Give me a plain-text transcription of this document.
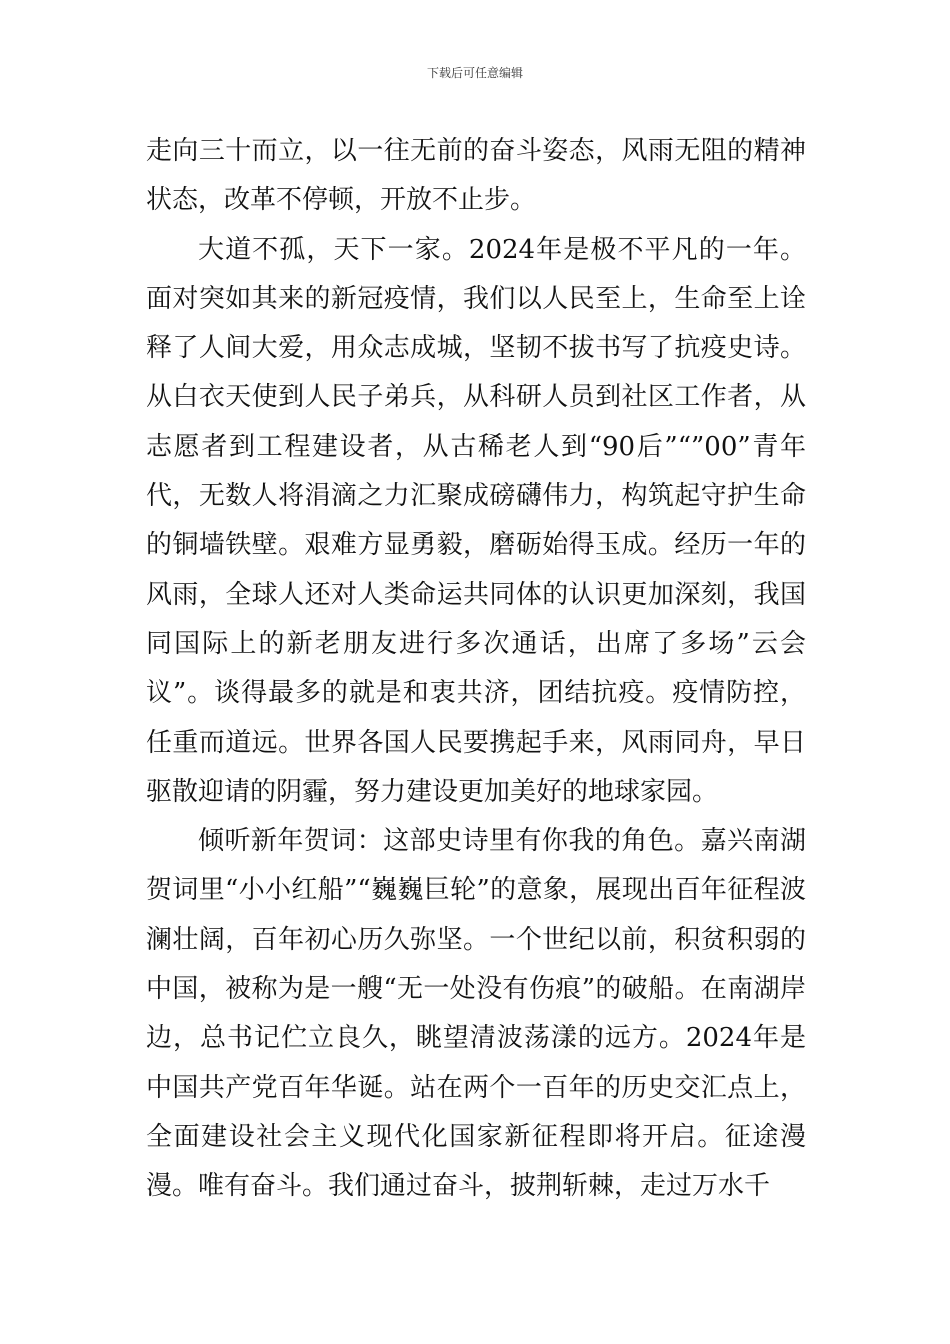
下载后可任意编辑

走向三十而立，以一往无前的奋斗姿态，风雨无阻的精神状态，改革不停顿，开放不止步。

大道不孤，天下一家。2024年是极不平凡的一年。面对突如其来的新冠疫情，我们以人民至上，生命至上诠释了人间大爱，用众志成城，坚韧不拔书写了抗疫史诗。从白衣天使到人民子弟兵，从科研人员到社区工作者，从志愿者到工程建设者，从古稀老人到“90后”“”00”青年代，无数人将涓滴之力汇聚成磅礴伟力，构筑起守护生命的铜墙铁壁。艰难方显勇毅，磨砺始得玉成。经历一年的风雨，全球人还对人类命运共同体的认识更加深刻，我国同国际上的新老朋友进行多次通话，出席了多场”云会议”。谈得最多的就是和衷共济，团结抗疫。疫情防控，任重而道远。世界各国人民要携起手来，风雨同舟，早日驱散迎请的阴霾，努力建设更加美好的地球家园。

倾听新年贺词：这部史诗里有你我的角色。嘉兴南湖贺词里“小小红船”“巍巍巨轮”的意象，展现出百年征程波澜壮阔，百年初心历久弥坚。一个世纪以前，积贫积弱的中国，被称为是一艘“无一处没有伤痕”的破船。在南湖岸边，总书记伫立良久，眺望清波荡漾的远方。2024年是中国共产党百年华诞。站在两个一百年的历史交汇点上，全面建设社会主义现代化国家新征程即将开启。征途漫漫。唯有奋斗。我们通过奋斗，披荆斩棘，走过万水千
